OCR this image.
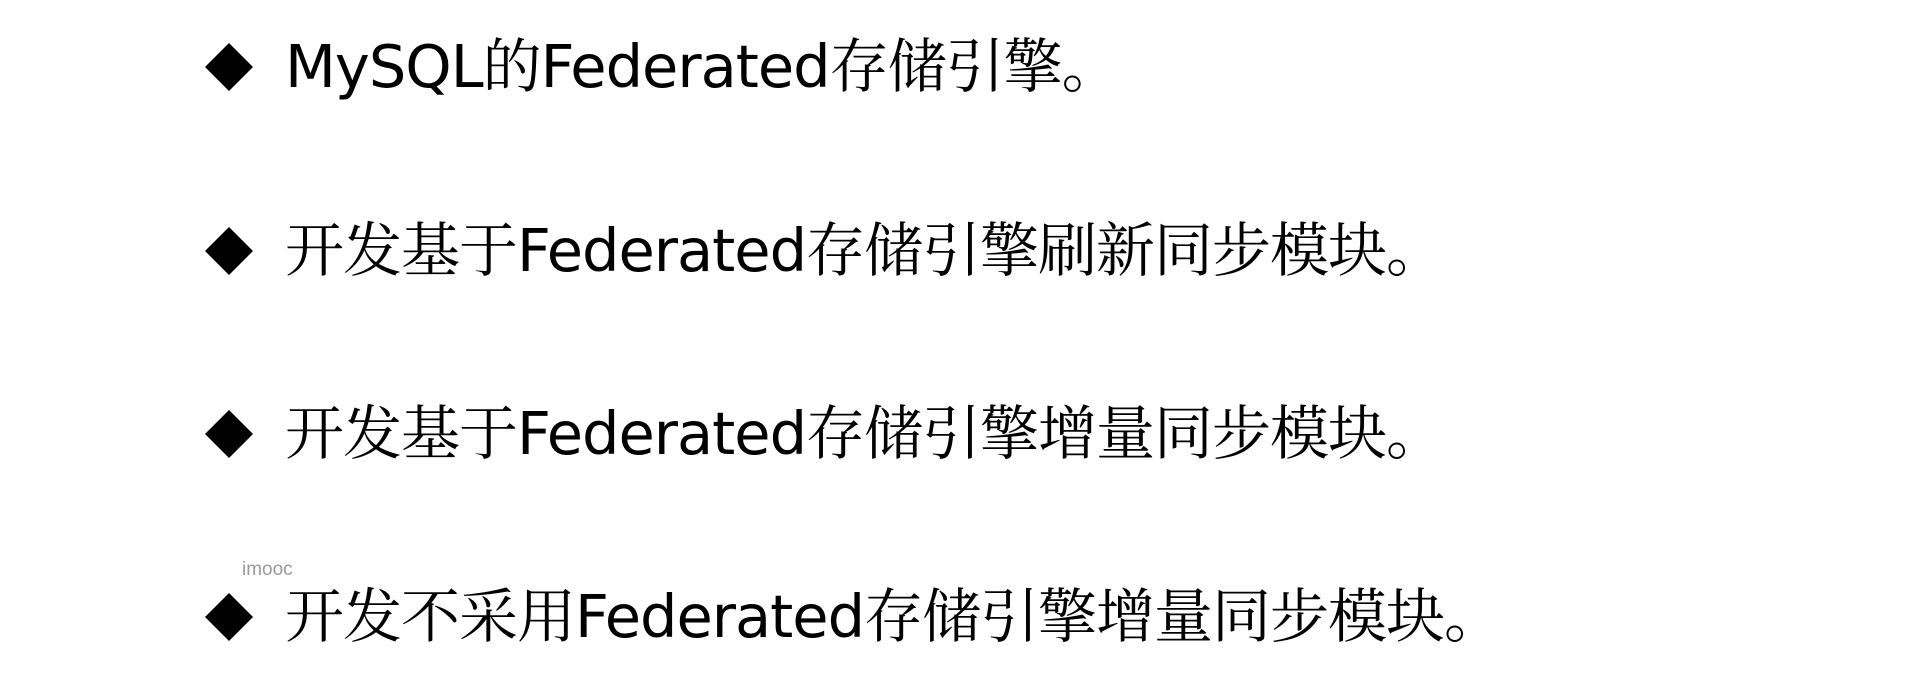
MySQL的Federated存储引擎。
开发基于Federated存储引擎刷新同步模块。
开发基于Federated存储引擎增量同步模块。
imooc
开发不采用Federated存储引擎增量同步模块。
